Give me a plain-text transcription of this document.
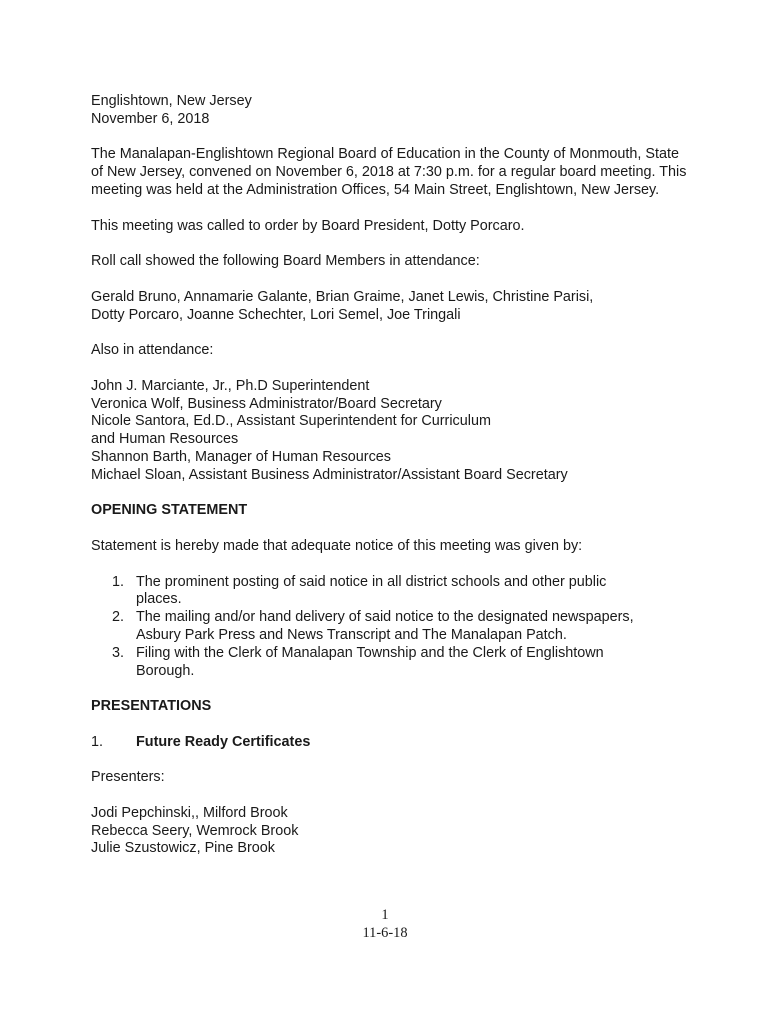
Englishtown, New Jersey

November 6, 2018

The Manalapan-Englishtown Regional Board of Education in the County of Monmouth, State of New Jersey, convened on November 6, 2018 at 7:30 p.m. for a regular board meeting. This meeting was held at the Administration Offices, 54 Main Street, Englishtown, New Jersey.

This meeting was called to order by Board President, Dotty Porcaro.

Roll call showed the following Board Members in attendance:

Gerald Bruno, Annamarie Galante, Brian Graime, Janet Lewis, Christine Parisi,

Dotty Porcaro, Joanne Schechter, Lori Semel, Joe Tringali

Also in attendance:

John J. Marciante, Jr., Ph.D Superintendent

Veronica Wolf, Business Administrator/Board Secretary

Nicole Santora, Ed.D., Assistant Superintendent for Curriculum

and Human Resources

Shannon Barth, Manager of Human Resources

Michael Sloan, Assistant Business Administrator/Assistant Board Secretary

OPENING STATEMENT

Statement is hereby made that adequate notice of this meeting was given by:

1. The prominent posting of said notice in all district schools and other public
places.
2. The mailing and/or hand delivery of said notice to the designated newspapers,
Asbury Park Press and News Transcript and The Manalapan Patch.
3. Filing with the Clerk of Manalapan Township and the Clerk of Englishtown
Borough.

PRESENTATIONS

1. Future Ready Certificates

Presenters:

Jodi Pepchinski,, Milford Brook

Rebecca Seery, Wemrock Brook

Julie Szustowicz, Pine Brook

1
11-6-18
